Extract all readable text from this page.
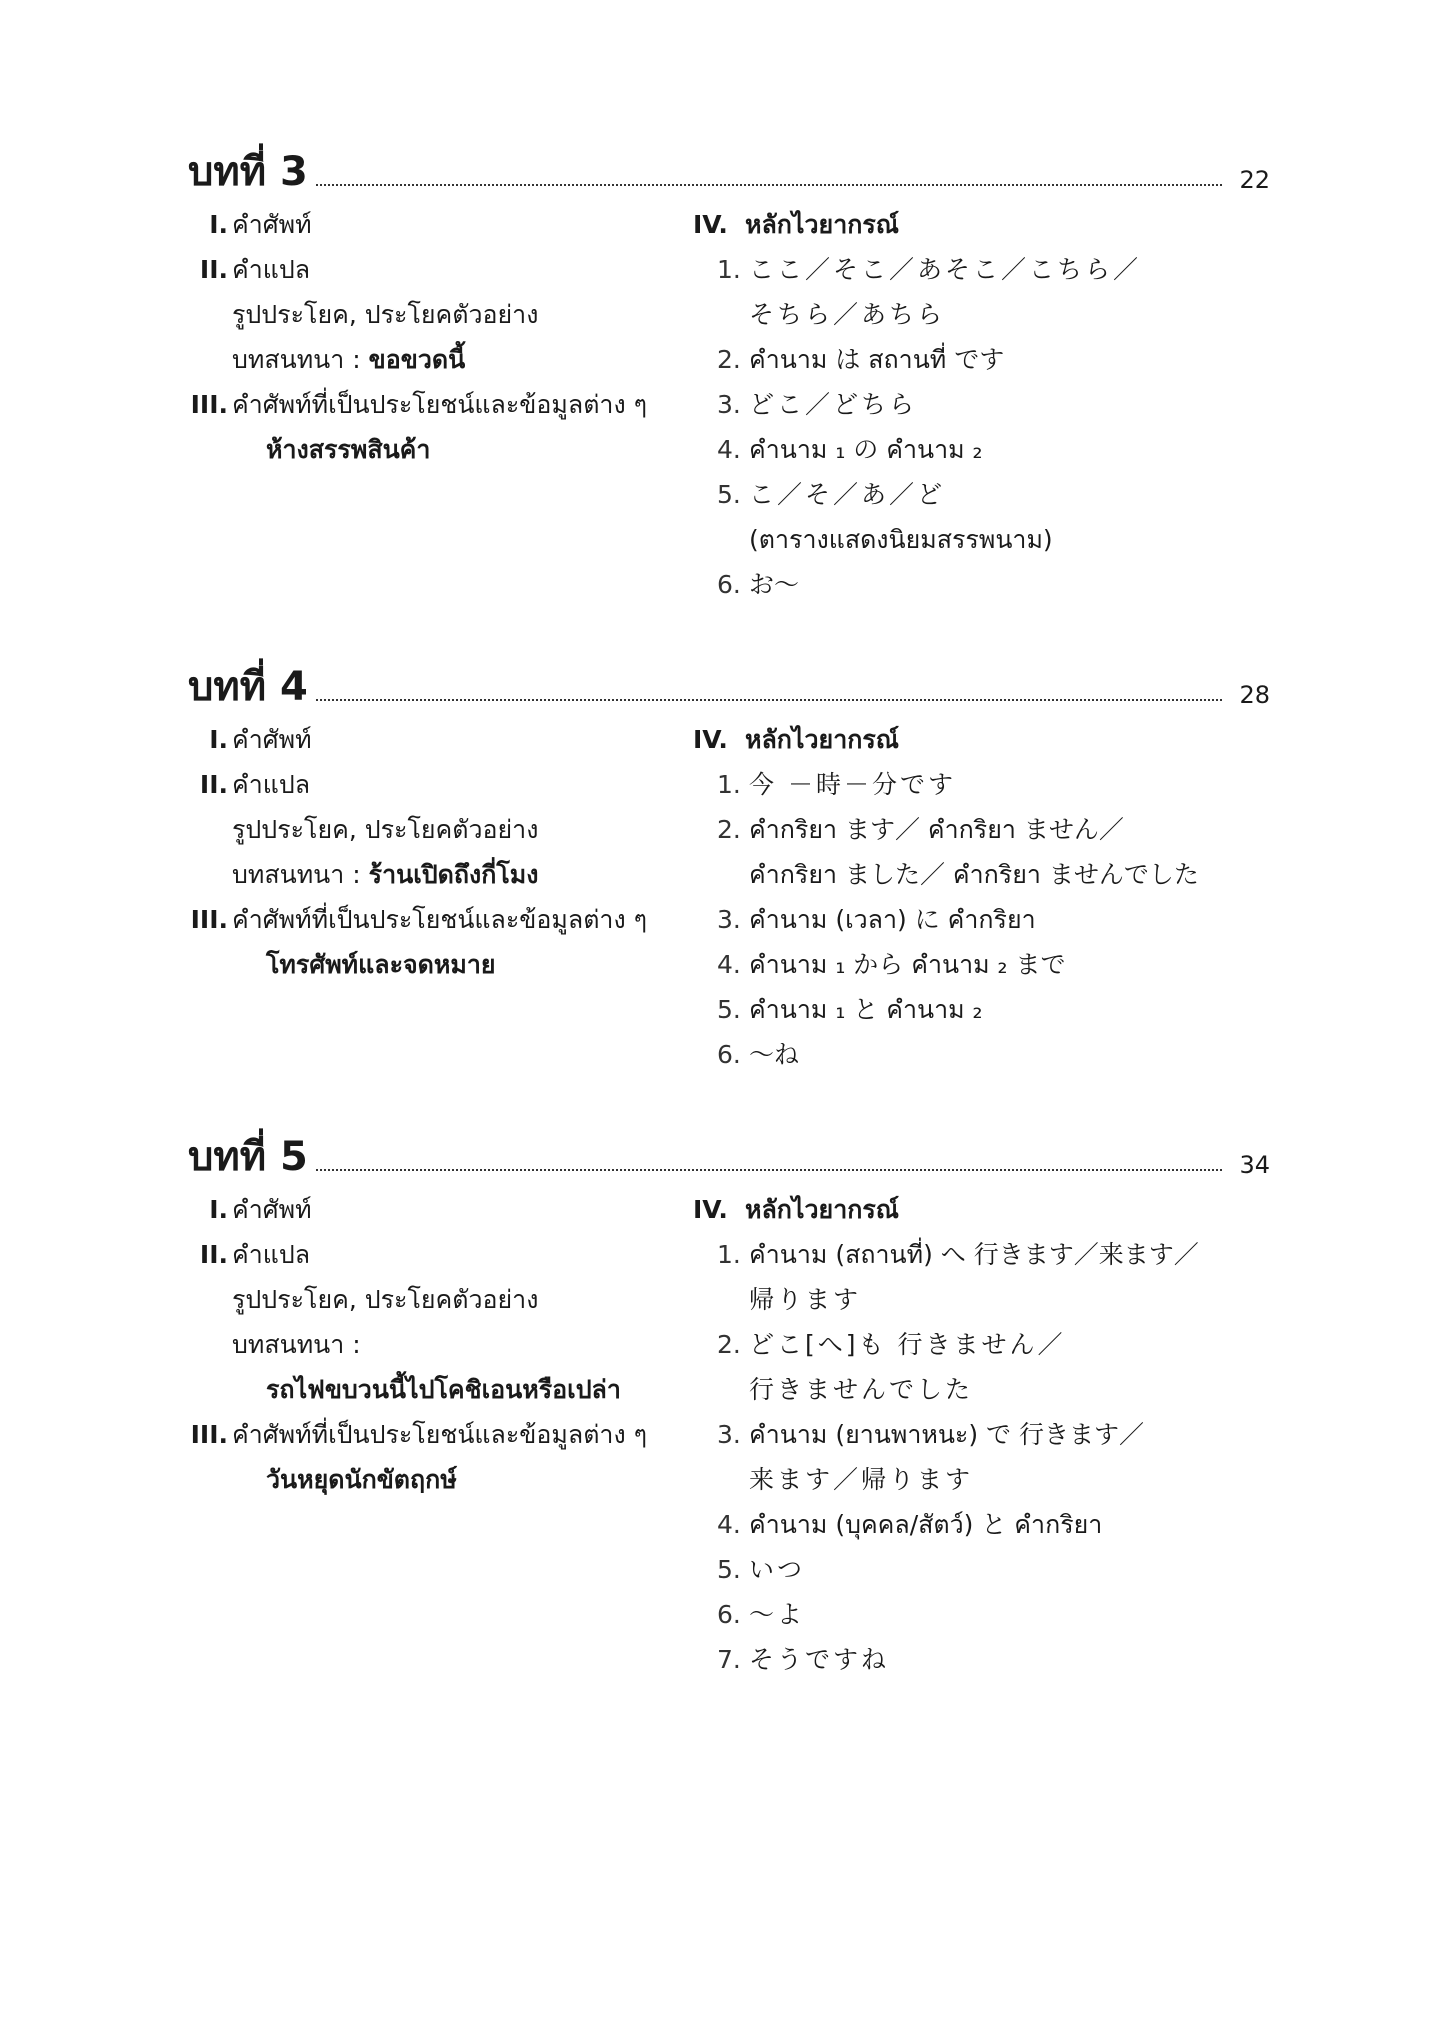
บทที่ 3	22
I. คำศัพท์
II. คำแปล
รูปประโยค, ประโยคตัวอย่าง
บทสนทนา : ขอขวดนี้
III. คำศัพท์ที่เป็นประโยชน์และข้อมูลต่าง ๆ
ห้างสรรพสินค้า
IV. หลักไวยากรณ์
1. ここ／そこ／あそこ／こちら／
そちら／あちら
2. คำนาม は สถานที่ です
3. どこ／どちら
4. คำนาม ₁ の คำนาม ₂
5. こ／そ／あ／ど
(ตารางแสดงนิยมสรรพนาม)
6. お～
บทที่ 4	28
I. คำศัพท์
II. คำแปล
รูปประโยค, ประโยคตัวอย่าง
บทสนทนา : ร้านเปิดถึงกี่โมง
III. คำศัพท์ที่เป็นประโยชน์และข้อมูลต่าง ๆ
โทรศัพท์และจดหมาย
IV. หลักไวยากรณ์
1. 今 －時－分です
2. คำกริยา ます／ คำกริยา ません／
คำกริยา ました／ คำกริยา ませんでした
3. คำนาม (เวลา) に คำกริยา
4. คำนาม ₁ から คำนาม ₂ まで
5. คำนาม ₁ と คำนาม ₂
6. ～ね
บทที่ 5	34
I. คำศัพท์
II. คำแปล
รูปประโยค, ประโยคตัวอย่าง
บทสนทนา :
รถไฟขบวนนี้ไปโคชิเอนหรือเปล่า
III. คำศัพท์ที่เป็นประโยชน์และข้อมูลต่าง ๆ
วันหยุดนักขัตฤกษ์
IV. หลักไวยากรณ์
1. คำนาม (สถานที่) へ 行きます／来ます／
帰ります
2. どこ[へ]も 行きません／
行きませんでした
3. คำนาม (ยานพาหนะ) で 行きます／
来ます／帰ります
4. คำนาม (บุคคล/สัตว์) と คำกริยา
5. いつ
6. ～よ
7. そうですね
